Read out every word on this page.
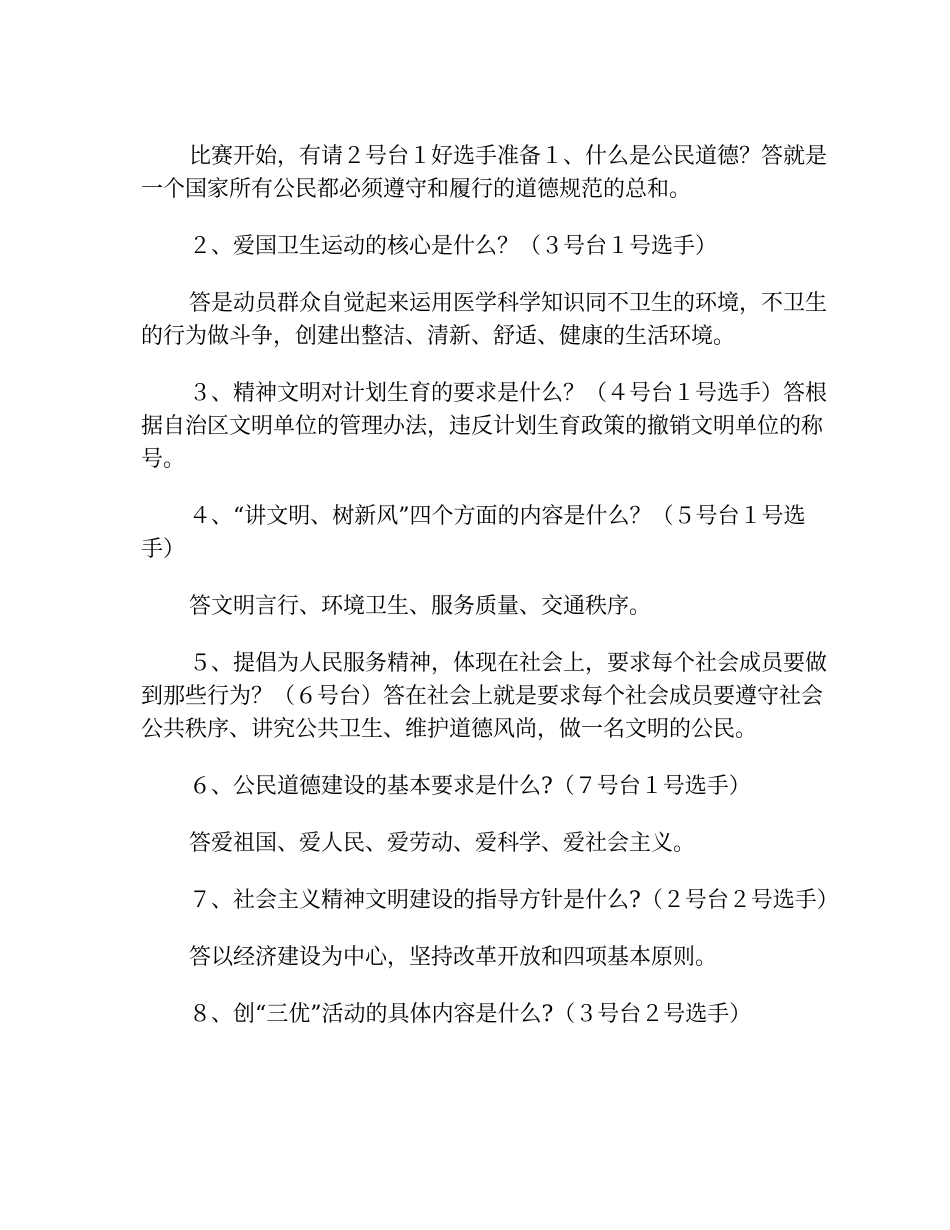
比赛开始，有请２号台１好选手准备１、什么是公民道德？答就是一个国家所有公民都必须遵守和履行的道德规范的总和。

２、爱国卫生运动的核心是什么？（３号台１号选手）

答是动员群众自觉起来运用医学科学知识同不卫生的环境，不卫生的行为做斗争，创建出整洁、清新、舒适、健康的生活环境。

３、精神文明对计划生育的要求是什么？（４号台１号选手）答根据自治区文明单位的管理办法，违反计划生育政策的撤销文明单位的称号。

４、“讲文明、树新风”四个方面的内容是什么？（５号台１号选手）

答文明言行、环境卫生、服务质量、交通秩序。

５、提倡为人民服务精神，体现在社会上，要求每个社会成员要做到那些行为？（６号台）答在社会上就是要求每个社会成员要遵守社会公共秩序、讲究公共卫生、维护道德风尚，做一名文明的公民。

６、公民道德建设的基本要求是什么?（７号台１号选手）

答爱祖国、爱人民、爱劳动、爱科学、爱社会主义。

７、社会主义精神文明建设的指导方针是什么?（２号台２号选手）

答以经济建设为中心，坚持改革开放和四项基本原则。

８、创“三优”活动的具体内容是什么?（３号台２号选手）
